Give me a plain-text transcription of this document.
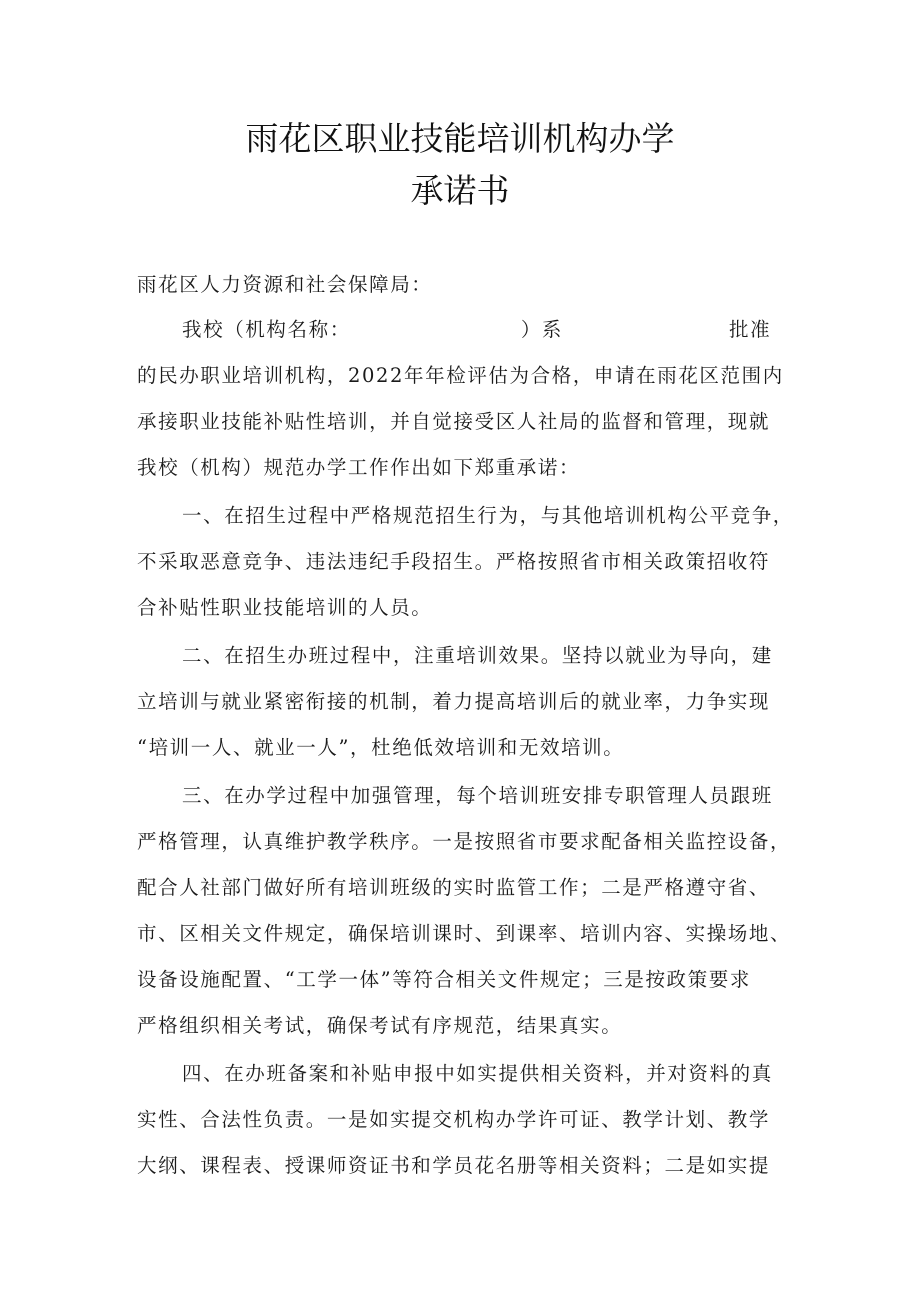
雨花区职业技能培训机构办学
承诺书
雨花区人力资源和社会保障局：
我校（机构名称：	）系	批准
的民办职业培训机构，2022年年检评估为合格，申请在雨花区范围内
承接职业技能补贴性培训，并自觉接受区人社局的监督和管理，现就
我校（机构）规范办学工作作出如下郑重承诺：
一、在招生过程中严格规范招生行为，与其他培训机构公平竞争，
不采取恶意竞争、违法违纪手段招生。严格按照省市相关政策招收符
合补贴性职业技能培训的人员。
二、在招生办班过程中，注重培训效果。坚持以就业为导向，建
立培训与就业紧密衔接的机制，着力提高培训后的就业率，力争实现
“培训一人、就业一人”，杜绝低效培训和无效培训。
三、在办学过程中加强管理，每个培训班安排专职管理人员跟班
严格管理，认真维护教学秩序。一是按照省市要求配备相关监控设备，
配合人社部门做好所有培训班级的实时监管工作；二是严格遵守省、
市、区相关文件规定，确保培训课时、到课率、培训内容、实操场地、
设备设施配置、“工学一体”等符合相关文件规定；三是按政策要求
严格组织相关考试，确保考试有序规范，结果真实。
四、在办班备案和补贴申报中如实提供相关资料，并对资料的真
实性、合法性负责。一是如实提交机构办学许可证、教学计划、教学
大纲、课程表、授课师资证书和学员花名册等相关资料；二是如实提
